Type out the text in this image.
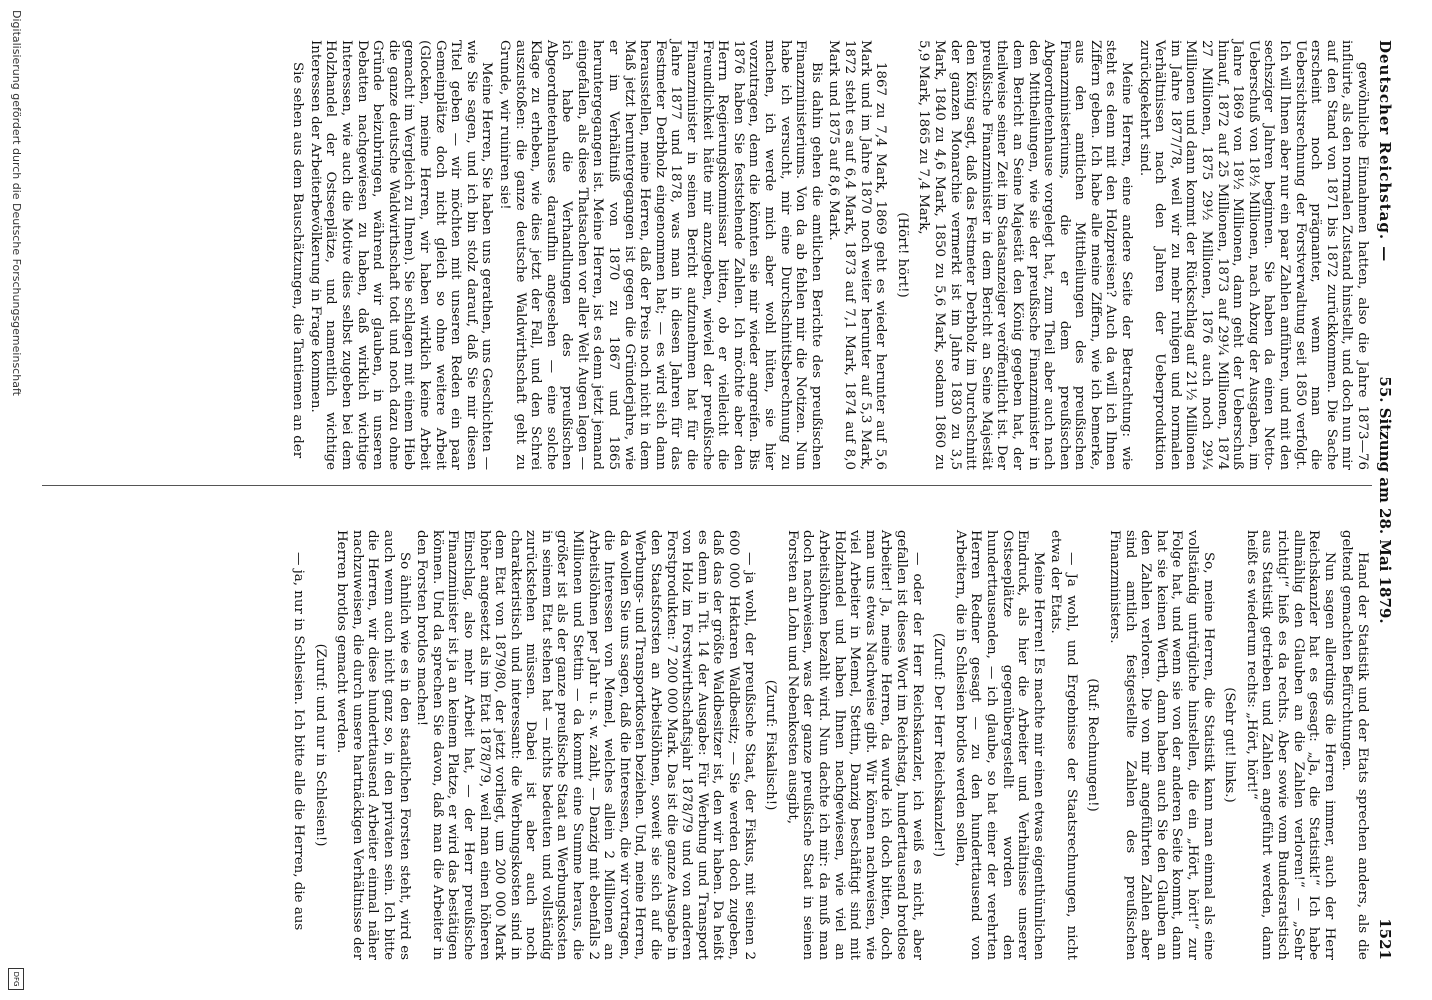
Deutscher Reichstag. —
55. Sitzung am 28. Mai 1879.
1521

gewöhnliche Einnahmen hatten, also die Jahre 1873—76 influirte, als den normalen Zustand hinstellt, und doch nun mir auf den Stand von 1871 bis 1872 zurückkommen. Die Sache erscheint noch prägnanter, wenn man die Uebersichtsrechnung der Forstverwaltung seit 1850 verfolgt. Ich will Ihnen aber nur ein paar Zahlen anführen, und mit den sechsziger Jahren beginnen. Sie haben da einen Netto-Ueberschuß von 18½ Millionen, nach Abzug der Ausgaben, im Jahre 1869 von 18½ Millionen, dann geht der Ueberschuß hinauf, 1872 auf 25 Millionen, 1873 auf 29¼ Millionen, 1874 27 Millionen, 1875 29½ Millionen, 1876 auch noch 29¼ Millionen und dann kommt der Rückschlag auf 21½ Millionen im Jahre 1877/78, weil wir zu mehr ruhigen und normalen Verhältnissen nach den Jahren der Ueberproduktion zurückgekehrt sind.

Meine Herren, eine andere Seite der Betrachtung: wie steht es denn mit den Holzpreisen? Auch da will ich Ihnen Ziffern geben. Ich habe alle meine Ziffern, wie ich bemerke, aus den amtlichen Mittheilungen des preußischen Finanzministeriums, die er dem preußischen Abgeordnetenhause vorgelegt hat, zum Theil aber auch nach den Mittheilungen, wie sie der preußische Finanzminister in dem Bericht an Seine Majestät den König gegeben hat, der theilweise seiner Zeit im Staatsanzeiger veröffentlicht ist. Der preußische Finanzminister in dem Bericht an Seine Majestät den König sagt, daß das Festmeter Derbholz im Durchschnitt der ganzen Monarchie vermerkt ist im Jahre 1830 zu 3,5 Mark, 1840 zu 4,6 Mark, 1850 zu 5,6 Mark, sodann 1860 zu 5,9 Mark, 1865 zu 7,4 Mark,

(Hört! hört!)

1867 zu 7,4 Mark, 1869 geht es wieder herunter auf 5,6 Mark und im Jahre 1870 noch weiter herunter auf 5,3 Mark, 1872 steht es auf 6,4 Mark, 1873 auf 7,1 Mark, 1874 auf 8,0 Mark und 1875 auf 8,6 Mark.

Bis dahin gehen die amtlichen Berichte des preußischen Finanzministeriums. Von da ab fehlen mir die Notizen. Nun habe ich versucht, mir eine Durchschnittsberechnung zu machen, ich werde mich aber wohl hüten, sie hier vorzutragen, denn die könnten sie mir wieder angreifen. Bis 1876 haben Sie feststehende Zahlen. Ich möchte aber den Herrn Regierungskommissar bitten, ob er vielleicht die Freundlichkeit hätte mir anzugeben, wieviel der preußische Finanzminister in seinen Bericht aufzunehmen hat für die Jahre 1877 und 1878, was man in diesen Jahren für das Festmeter Derbholz eingenommen hat; — es wird sich dann herausstellen, meine Herren, daß der Preis noch nicht in dem Maß jetzt heruntergegangen ist gegen die Gründerjahre, wie er im Verhältniß von 1870 zu 1867 und 1865 heruntergegangen ist. Meine Herren, ist es denn jetzt jemand eingefallen, als diese Thatsachen vor aller Welt Augen lagen — ich habe die Verhandlungen des preußischen Abgeordnetenhauses daraufhin angesehen — eine solche Klage zu erheben, wie dies jetzt der Fall, und den Schrei auszustoßen: die ganze deutsche Waldwirthschaft geht zu Grunde, wir ruiniren sie!

Meine Herren, Sie haben uns gerathen, uns Geschichten — wie Sie sagen, und ich bin stolz darauf, daß Sie mir diesen Titel geben — wir möchten mit unseren Reden ein paar Gemeinplätze doch nicht gleich so ohne weitere Arbeit (Glocken, meine Herren, wir haben wirklich keine Arbeit gemacht im Vergleich zu Ihnen). Sie schlagen mit einem Hieb die ganze deutsche Waldwirthschaft todt und noch dazu ohne Gründe beizubringen, während wir glauben, in unseren Debatten nachgewiesen zu haben, daß wirklich wichtige Interessen, wie auch die Motive dies selbst zugeben bei dem Holzhandel der Ostseeplätze, und namentlich wichtige Interessen der Arbeiterbevölkerung in Frage kommen.

Sie sehen aus dem Bauschätzungen, die Tantiemen an der

Hand der Statistik und der Etats sprechen anders, als die geltend gemachten Befürchtungen.

Nun sagen allerdings die Herren immer, auch der Herr Reichskanzler hat es gesagt: „Ja, die Statistik!“ Ich habe allmählig den Glauben an die Zahlen verloren!“ — „Sehr richtig!“ hieß es da rechts. Aber sowie vom Bundesratstisch aus Statistik getrieben und Zahlen angeführt werden, dann heißt es wiederum rechts: „Hört, hört!“

(Sehr gut! links.)

So, meine Herren, die Statistik kann man einmal als eine vollständig untrügliche hinstellen, die ein „Hört, hört!“ zur Folge hat, und wenn sie von der anderen Seite kommt, dann hat sie keinen Werth, dann haben auch Sie den Glauben an den Zahlen verloren. Die von mir angeführten Zahlen aber sind amtlich festgestellte Zahlen des preußischen Finanzministers.

(Ruf: Rechnungen!)

— Ja wohl, und Ergebnisse der Staatsrechnungen, nicht etwa der Etats.

Meine Herren! Es machte mir einen etwas eigenthümlichen Eindruck, als hier die Arbeiter und Verhältnisse unserer Ostseeplätze gegenübergestellt worden den hunderttausenden, — ich glaube, so hat einer der verehrten Herren Redner gesagt — zu den hunderttausend von Arbeitern, die in Schlesien brotlos werden sollen,

(Zuruf: Der Herr Reichskanzler!)

— oder der Herr Reichskanzler, ich weiß es nicht, aber gefallen ist dieses Wort im Reichstag, hunderttausend brotlose Arbeiter! Ja, meine Herren, da wurde ich doch bitten, doch man uns etwas Nachweise gibt. Wir können nachweisen, wie viel Arbeiter in Memel, Stettin, Danzig beschäftigt sind mit Holzhandel und haben Ihnen nachgewiesen, wie viel an Arbeitslöhnen bezahlt wird. Nun dachte ich mir: da muß man doch nachweisen, was der ganze preußische Staat in seinen Forsten an Lohn und Nebenkosten ausgibt,

(Zuruf: Fiskalisch!)

— ja wohl, der preußische Staat, der Fiskus, mit seinen 2 600 000 Hektaren Waldbesitz; — Sie werden doch zugeben, daß das der größte Waldbesitzer ist, den wir haben. Da heißt es denn in Tit. 14 der Ausgabe: Für Werbung und Transport von Holz im Forstwirthschaftsjahr 1878/79 und von anderen Forstprodukten: 7 200 000 Mark. Das ist die ganze Ausgabe in den Staatsforsten an Arbeitslöhnen, soweit sie sich auf die Werbungs- und Transportkosten beziehen. Und, meine Herren, da wollen Sie uns sagen, daß die Interessen, die wir vortragen, die Interessen von Memel, welches allein 2 Millionen an Arbeitslöhnen per Jahr u. s. w. zahlt, — Danzig mit ebenfalls 2 Millionen und Stettin — da kommt eine Summe heraus, die größer ist als der ganze preußische Staat an Werbungskosten in seinem Etat stehen hat — nichts bedeuten und vollständig zurückstehen müssen. Dabei ist aber auch noch charakteristisch und interessant: die Werbungskosten sind in dem Etat von 1879/80, der jetzt vorliegt, um 200 000 Mark höher angesetzt als im Etat 1878/79, weil man einen höheren Einschlag, also mehr Arbeit hat, — der Herr preußische Finanzminister ist ja an keinem Platze, er wird das bestätigen können. Und da sprechen Sie davon, daß man die Arbeiter in den Forsten brotlos machen!

So ähnlich wie es in den staatlichen Forsten steht, wird es auch wenn auch nicht ganz so, in den privaten sein. Ich bitte die Herren, wir diese hunderttausend Arbeiter einmal näher nachzuweisen, die durch unsere hartnäckigen Verhältnisse der Herren brotlos gemacht werden.

(Zuruf: und nur in Schlesien!)

— ja, nur in Schlesien. Ich bitte alle die Herren, die aus

Digitalisierung gefördert durch die Deutsche Forschungsgemeinschaft
DFG
